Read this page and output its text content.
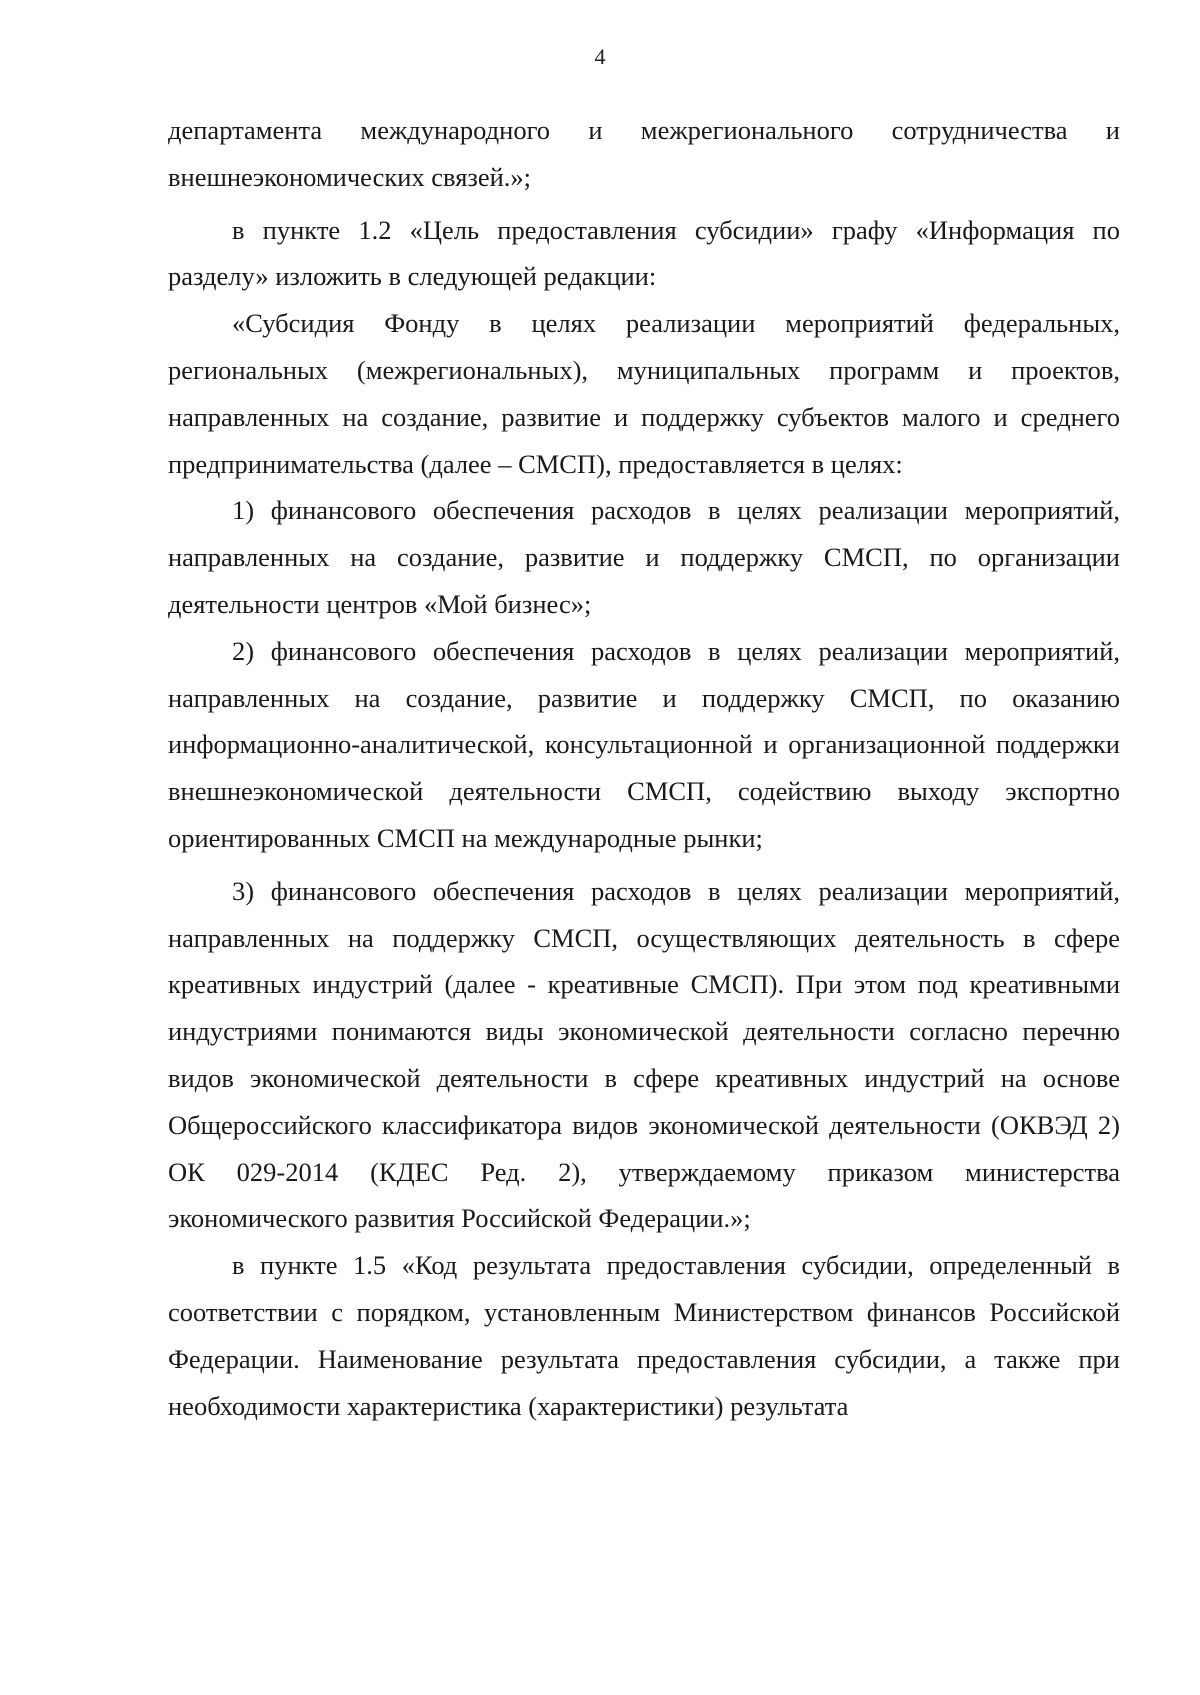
4

департамента международного и межрегионального сотрудничества и внешнеэкономических связей.»;

в пункте 1.2 «Цель предоставления субсидии» графу «Информация по разделу» изложить в следующей редакции:

«Субсидия Фонду в целях реализации мероприятий федеральных, региональных (межрегиональных), муниципальных программ и проектов, направленных на создание, развитие и поддержку субъектов малого и среднего предпринимательства (далее – СМСП), предоставляется в целях:

1) финансового обеспечения расходов в целях реализации мероприятий, направленных на создание, развитие и поддержку СМСП, по организации деятельности центров «Мой бизнес»;

2) финансового обеспечения расходов в целях реализации мероприятий, направленных на создание, развитие и поддержку СМСП, по оказанию информационно-аналитической, консультационной и организационной поддержки внешнеэкономической деятельности СМСП, содействию выходу экспортно ориентированных СМСП на международные рынки;

3) финансового обеспечения расходов в целях реализации мероприятий, направленных на поддержку СМСП, осуществляющих деятельность в сфере креативных индустрий (далее - креативные СМСП). При этом под креативными индустриями понимаются виды экономической деятельности согласно перечню видов экономической деятельности в сфере креативных индустрий на основе Общероссийского классификатора видов экономической деятельности (ОКВЭД 2) ОК 029-2014 (КДЕС Ред. 2), утверждаемому приказом министерства экономического развития Российской Федерации.»;

в пункте 1.5 «Код результата предоставления субсидии, определенный в соответствии с порядком, установленным Министерством финансов Российской Федерации. Наименование результата предоставления субсидии, а также при необходимости характеристика (характеристики) результата
